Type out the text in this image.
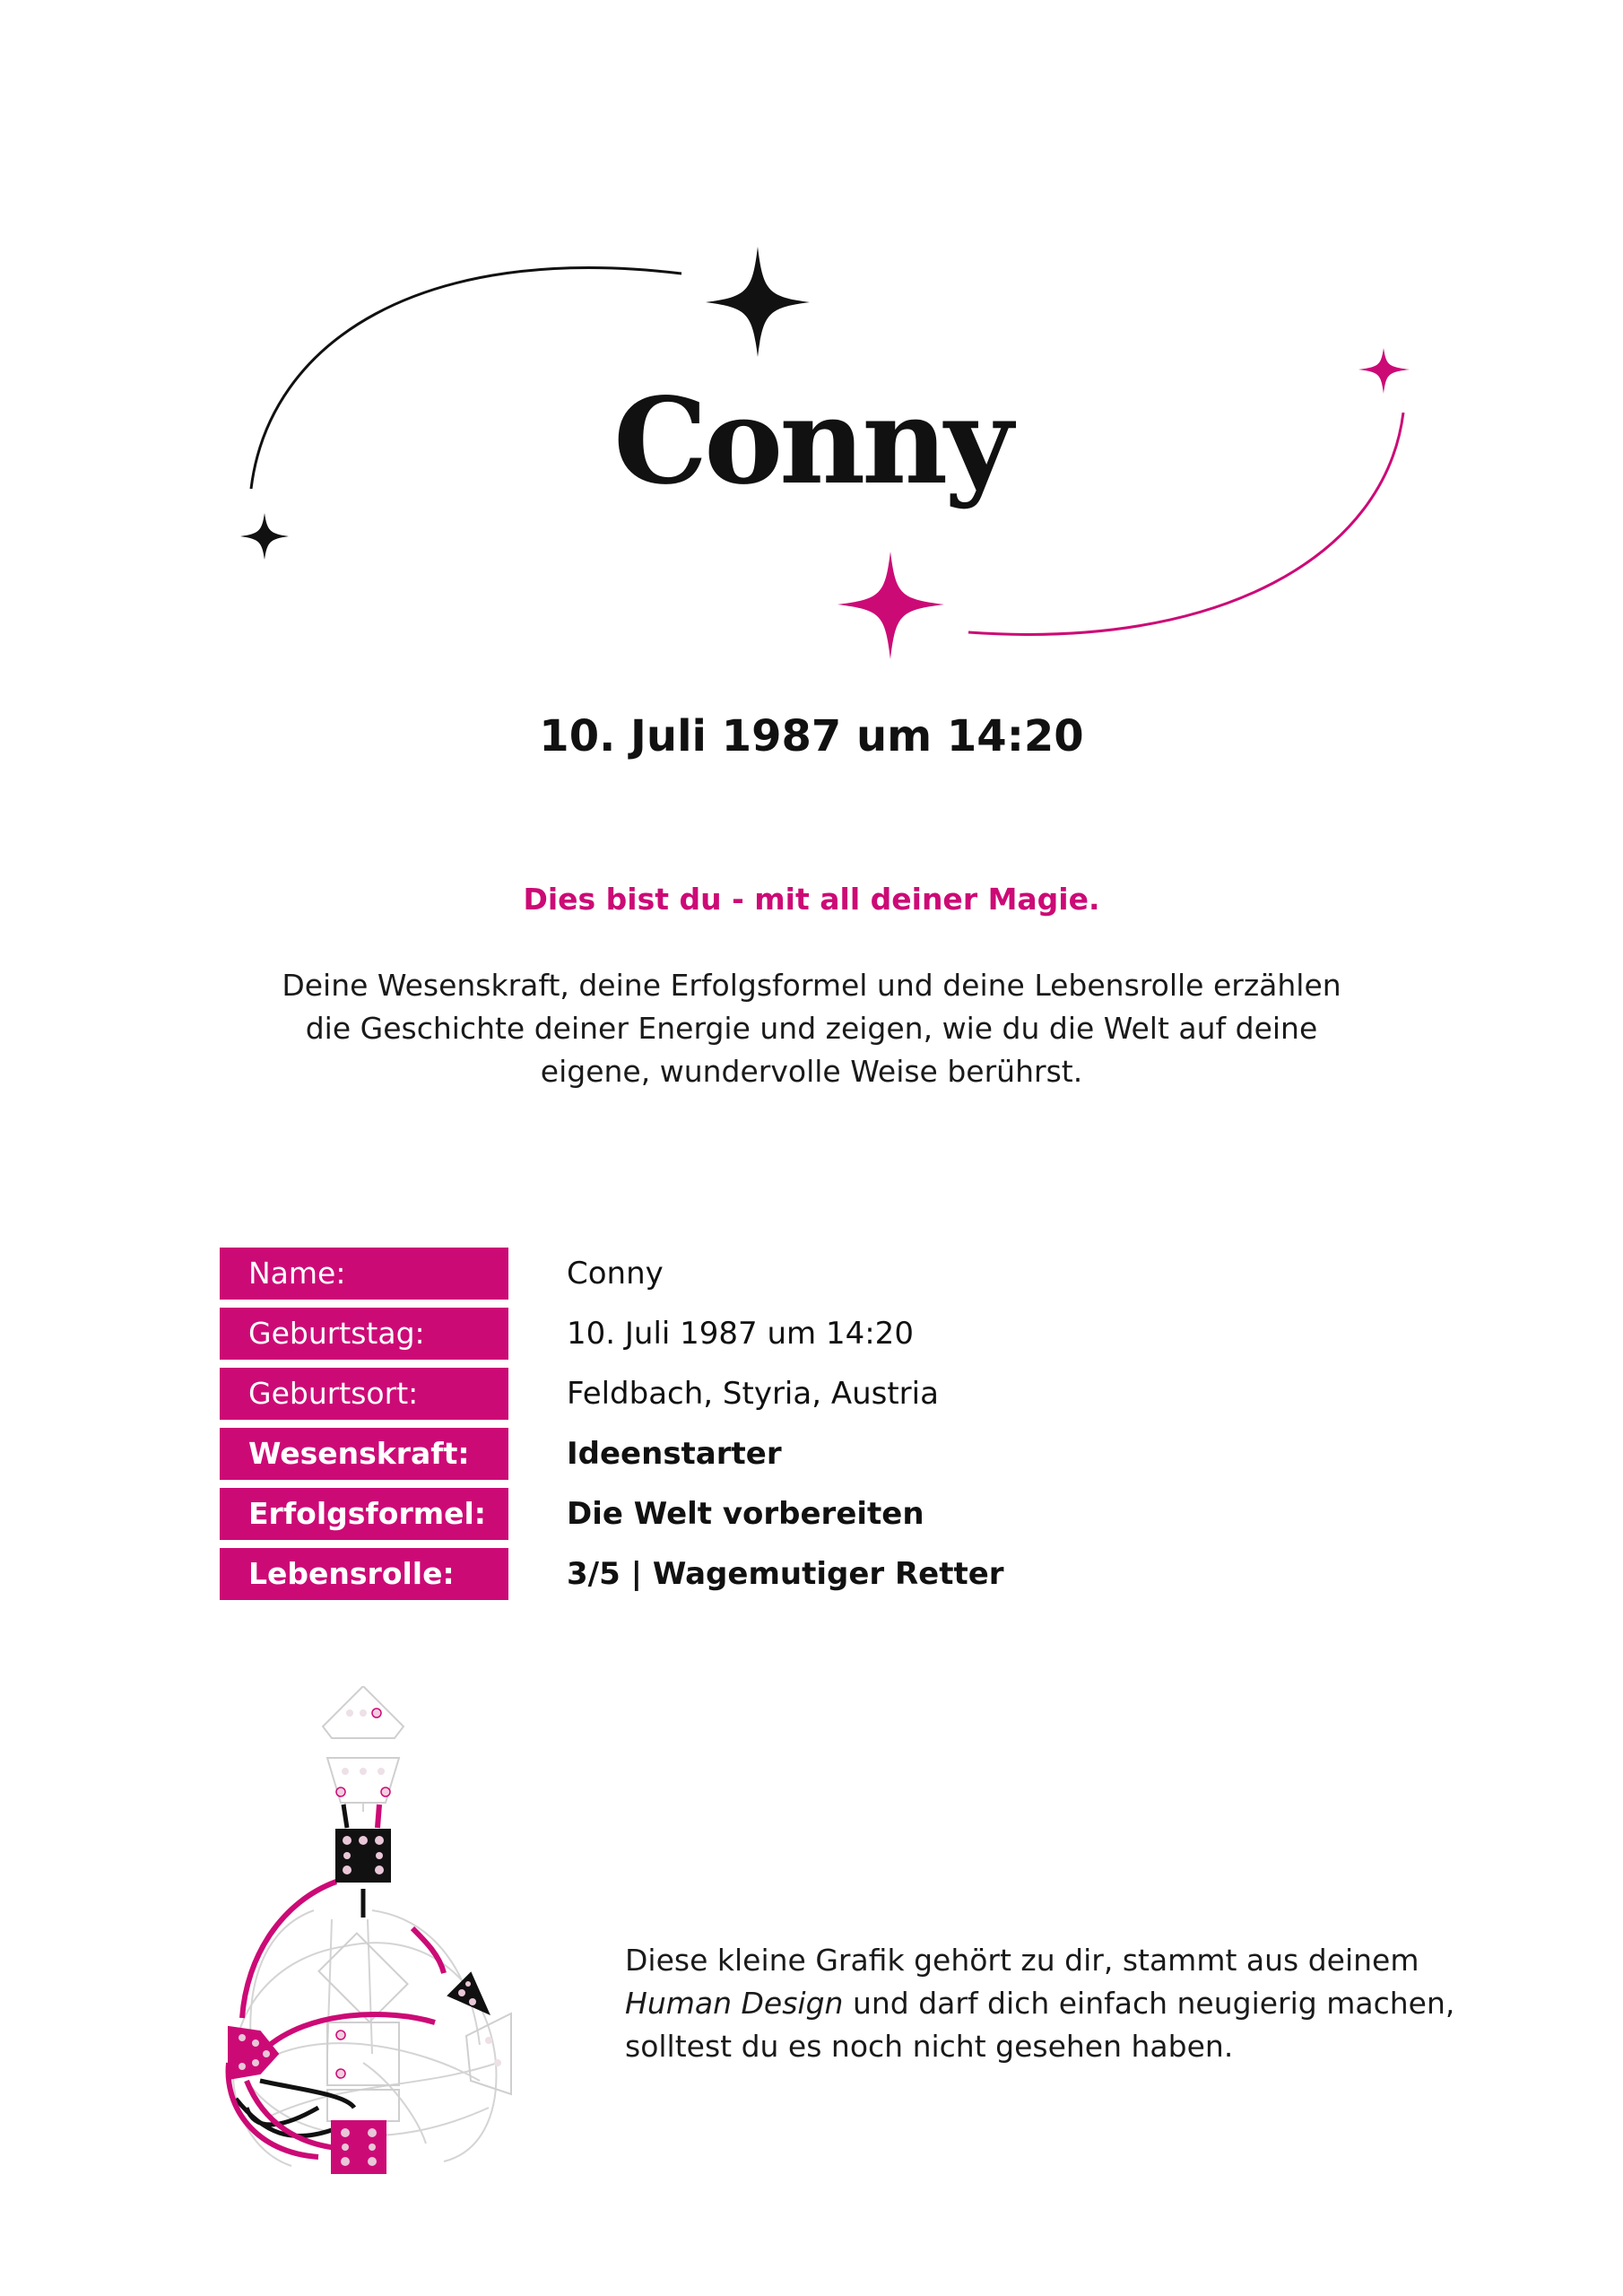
Conny
10. Juli 1987 um 14:20
Dies bist du - mit all deiner Magie.
Deine Wesenskraft, deine Erfolgsformel und deine Lebensrolle erzählen die Geschichte deiner Energie und zeigen, wie du die Welt auf deine eigene, wundervolle Weise berührst.
Name:	Conny
Geburtstag:	10. Juli 1987 um 14:20
Geburtsort:	Feldbach, Styria, Austria
Wesenskraft:	Ideenstarter
Erfolgsformel:	Die Welt vorbereiten
Lebensrolle:	3/5 | Wagemutiger Retter
Diese kleine Grafik gehört zu dir, stammt aus deinem Human Design und darf dich einfach neugierig machen, solltest du es noch nicht gesehen haben.
